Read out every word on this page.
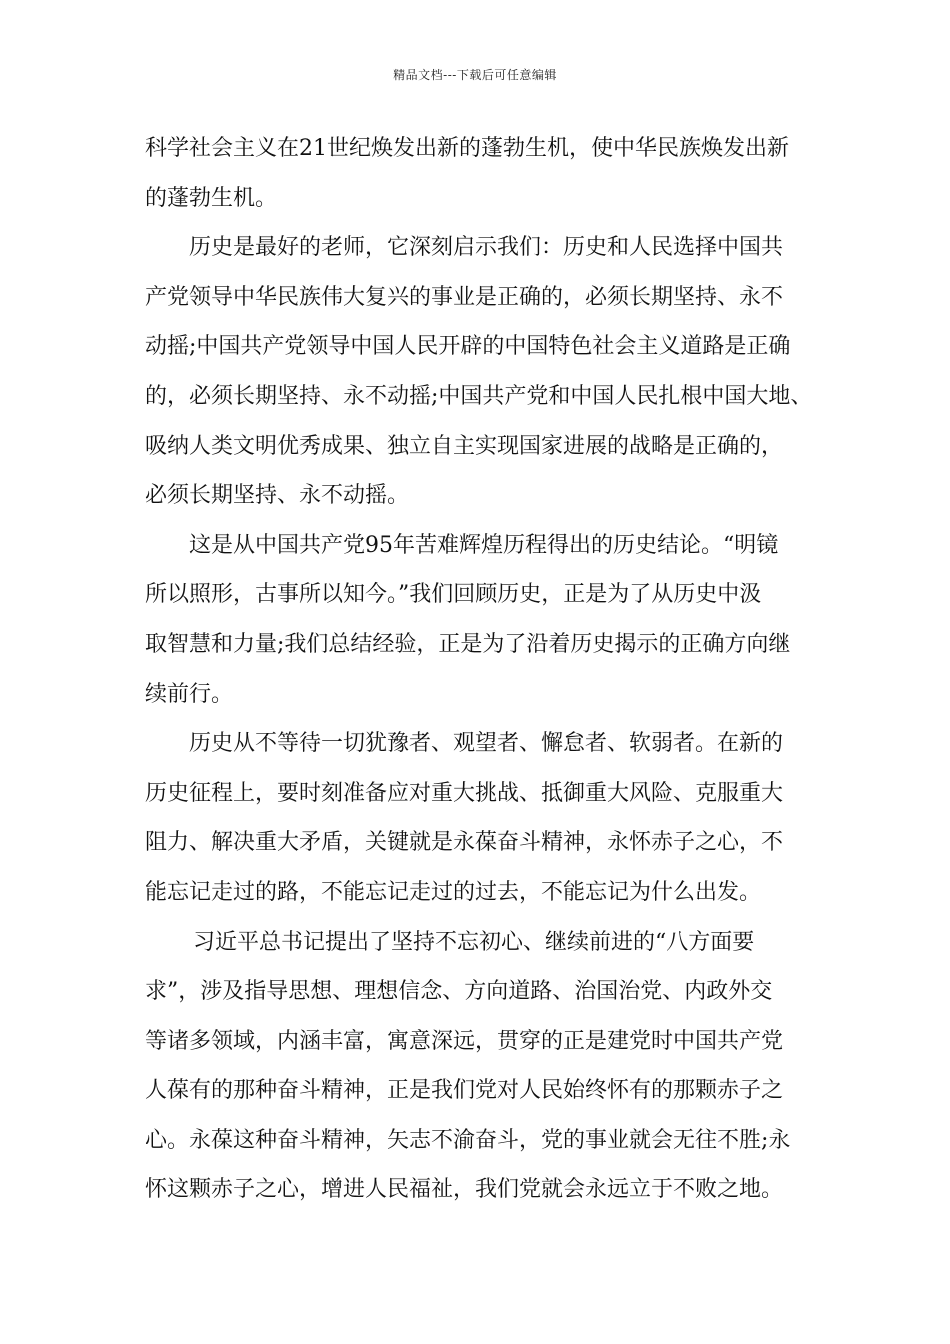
精品文档---下载后可任意编辑

科学社会主义在21世纪焕发出新的蓬勃生机，使中华民族焕发出新
的蓬勃生机。

历史是最好的老师，它深刻启示我们：历史和人民选择中国共
产党领导中华民族伟大复兴的事业是正确的，必须长期坚持、永不
动摇;中国共产党领导中国人民开辟的中国特色社会主义道路是正确
的，必须长期坚持、永不动摇;中国共产党和中国人民扎根中国大地、
吸纳人类文明优秀成果、独立自主实现国家进展的战略是正确的，
必须长期坚持、永不动摇。

这是从中国共产党95年苦难辉煌历程得出的历史结论。“明镜
所以照形，古事所以知今。”我们回顾历史，正是为了从历史中汲
取智慧和力量;我们总结经验，正是为了沿着历史揭示的正确方向继
续前行。

历史从不等待一切犹豫者、观望者、懈怠者、软弱者。在新的
历史征程上，要时刻准备应对重大挑战、抵御重大风险、克服重大
阻力、解决重大矛盾，关键就是永葆奋斗精神，永怀赤子之心，不
能忘记走过的路，不能忘记走过的过去，不能忘记为什么出发。

习近平总书记提出了坚持不忘初心、继续前进的“八方面要
求”，涉及指导思想、理想信念、方向道路、治国治党、内政外交
等诸多领域，内涵丰富，寓意深远，贯穿的正是建党时中国共产党
人葆有的那种奋斗精神，正是我们党对人民始终怀有的那颗赤子之
心。永葆这种奋斗精神，矢志不渝奋斗，党的事业就会无往不胜;永
怀这颗赤子之心，增进人民福祉，我们党就会永远立于不败之地。
